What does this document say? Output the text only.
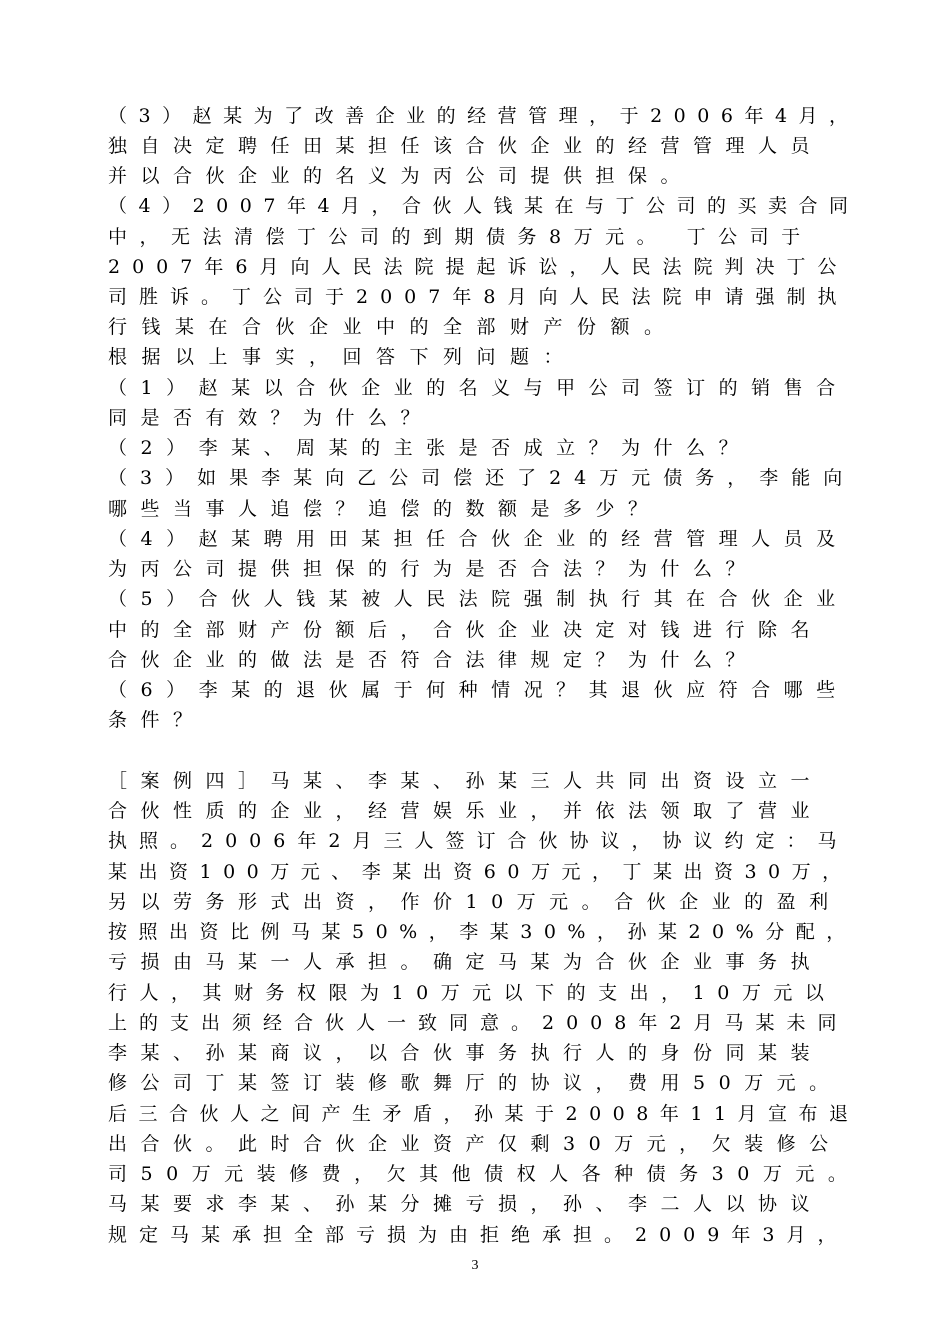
（3）赵某为了改善企业的经营管理，于2006年4月，
独自决定聘任田某担任该合伙企业的经营管理人员
并以合伙企业的名义为丙公司提供担保。
（4）2007年4月，合伙人钱某在与丁公司的买卖合同
中，无法清偿丁公司的到期债务8万元。 丁公司于
2007年6月向人民法院提起诉讼，人民法院判决丁公
司胜诉。丁公司于2007年8月向人民法院申请强制执
行钱某在合伙企业中的全部财产份额。
根据以上事实，回答下列问题：
（1）赵某以合伙企业的名义与甲公司签订的销售合
同是否有效？为什么？
（2）李某、周某的主张是否成立？为什么？
（3）如果李某向乙公司偿还了24万元债务，李能向
哪些当事人追偿？追偿的数额是多少？
（4）赵某聘用田某担任合伙企业的经营管理人员及
为丙公司提供担保的行为是否合法？为什么？
（5）合伙人钱某被人民法院强制执行其在合伙企业
中的全部财产份额后，合伙企业决定对钱进行除名
合伙企业的做法是否符合法律规定？为什么？
（6）李某的退伙属于何种情况？其退伙应符合哪些
条件？
［案例四］马某、李某、孙某三人共同出资设立一
合伙性质的企业，经营娱乐业，并依法领取了营业
执照。2006年2月三人签订合伙协议，协议约定：马
某出资100万元、李某出资60万元，丁某出资30万，
另以劳务形式出资，作价10万元。合伙企业的盈利
按照出资比例马某50%，李某30%，孙某20%分配，
亏损由马某一人承担。确定马某为合伙企业事务执
行人，其财务权限为10万元以下的支出，10万元以
上的支出须经合伙人一致同意。2008年2月马某未同
李某、孙某商议，以合伙事务执行人的身份同某装
修公司丁某签订装修歌舞厅的协议，费用50万元。
后三合伙人之间产生矛盾，孙某于2008年11月宣布退
出合伙。此时合伙企业资产仅剩30万元，欠装修公
司50万元装修费，欠其他债权人各种债务30万元。
马某要求李某、孙某分摊亏损，孙、李二人以协议
规定马某承担全部亏损为由拒绝承担。2009年3月，
3
